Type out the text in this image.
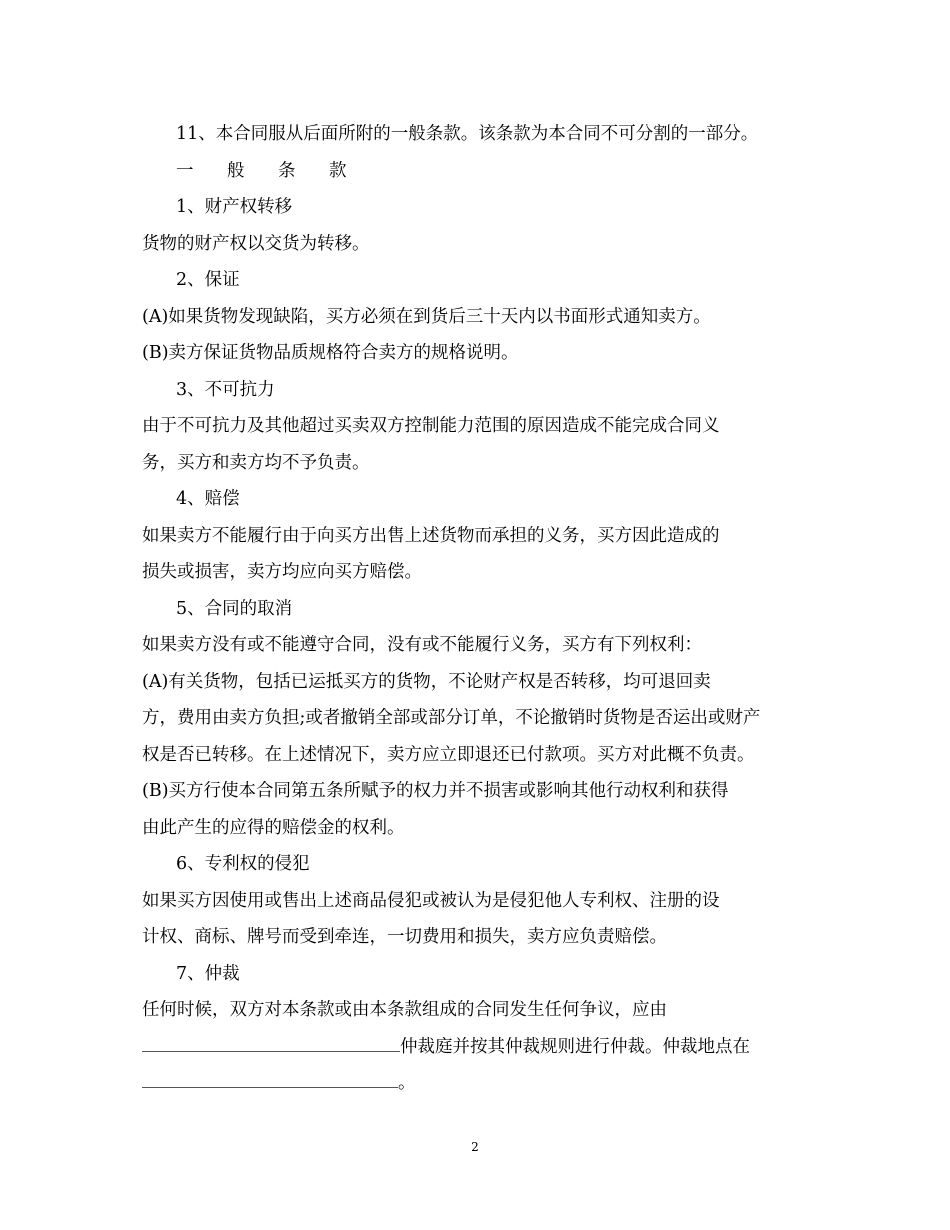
11、本合同服从后面所附的一般条款。该条款为本合同不可分割的一部分。
一 般 条 款
1、财产权转移
货物的财产权以交货为转移。
2、保证
(A)如果货物发现缺陷，买方必须在到货后三十天内以书面形式通知卖方。
(B)卖方保证货物品质规格符合卖方的规格说明。
3、不可抗力
由于不可抗力及其他超过买卖双方控制能力范围的原因造成不能完成合同义
务，买方和卖方均不予负责。
4、赔偿
如果卖方不能履行由于向买方出售上述货物而承担的义务，买方因此造成的
损失或损害，卖方均应向买方赔偿。
5、合同的取消
如果卖方没有或不能遵守合同，没有或不能履行义务，买方有下列权利：
(A)有关货物，包括已运抵买方的货物，不论财产权是否转移，均可退回卖
方，费用由卖方负担;或者撤销全部或部分订单，不论撤销时货物是否运出或财产
权是否已转移。在上述情况下，卖方应立即退还已付款项。买方对此概不负责。
(B)买方行使本合同第五条所赋予的权力并不损害或影响其他行动权利和获得
由此产生的应得的赔偿金的权利。
6、专利权的侵犯
如果买方因使用或售出上述商品侵犯或被认为是侵犯他人专利权、注册的设
计权、商标、牌号而受到牵连，一切费用和损失，卖方应负责赔偿。
7、仲裁
任何时候，双方对本条款或由本条款组成的合同发生任何争议，应由
仲裁庭并按其仲裁规则进行仲裁。仲裁地点在
。
2
